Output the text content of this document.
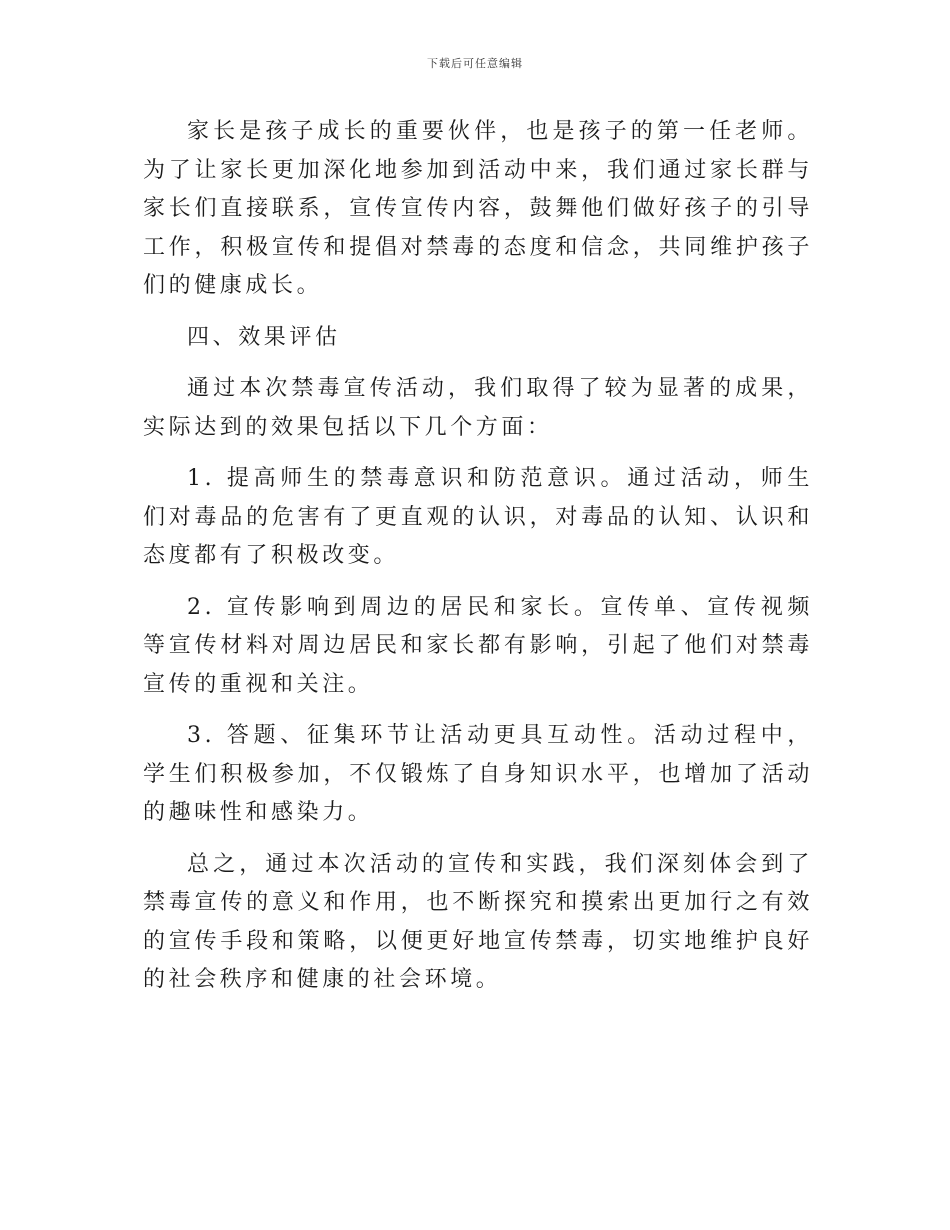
下载后可任意编辑

家长是孩子成长的重要伙伴，也是孩子的第一任老师。为了让家长更加深化地参加到活动中来，我们通过家长群与家长们直接联系，宣传宣传内容，鼓舞他们做好孩子的引导工作，积极宣传和提倡对禁毒的态度和信念，共同维护孩子们的健康成长。

四、效果评估

通过本次禁毒宣传活动，我们取得了较为显著的成果，实际达到的效果包括以下几个方面：

1. 提高师生的禁毒意识和防范意识。通过活动，师生们对毒品的危害有了更直观的认识，对毒品的认知、认识和态度都有了积极改变。

2. 宣传影响到周边的居民和家长。宣传单、宣传视频等宣传材料对周边居民和家长都有影响，引起了他们对禁毒宣传的重视和关注。

3. 答题、征集环节让活动更具互动性。活动过程中，学生们积极参加，不仅锻炼了自身知识水平，也增加了活动的趣味性和感染力。

总之，通过本次活动的宣传和实践，我们深刻体会到了禁毒宣传的意义和作用，也不断探究和摸索出更加行之有效的宣传手段和策略，以便更好地宣传禁毒，切实地维护良好的社会秩序和健康的社会环境。
